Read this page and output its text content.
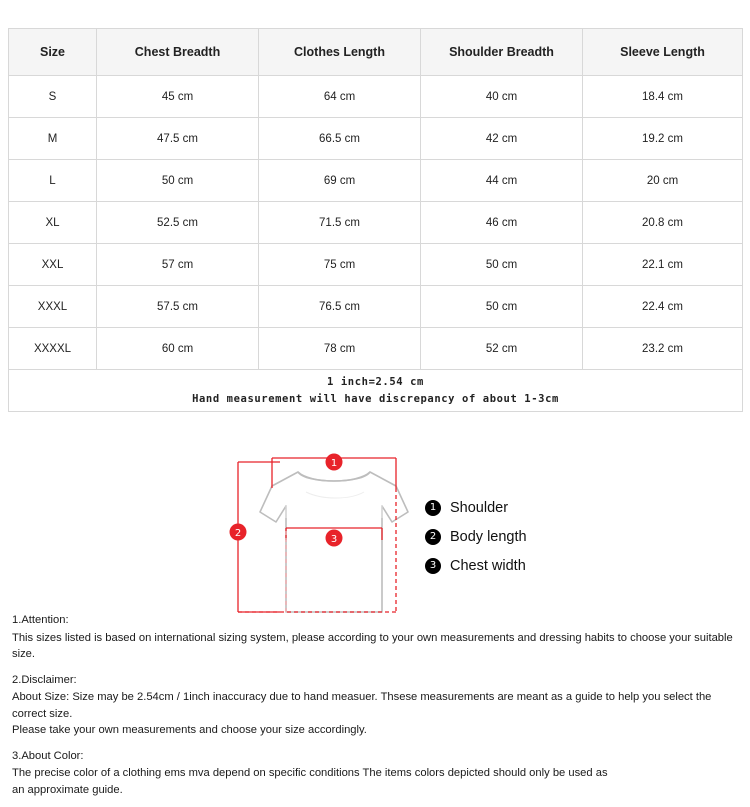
Size	Chest Breadth	Clothes Length	Shoulder Breadth	Sleeve Length
S	45 cm	64 cm	40 cm	18.4 cm
M	47.5 cm	66.5 cm	42 cm	19.2 cm
L	50 cm	69 cm	44 cm	20 cm
XL	52.5 cm	71.5 cm	46 cm	20.8 cm
XXL	57 cm	75 cm	50 cm	22.1 cm
XXXL	57.5 cm	76.5 cm	50 cm	22.4 cm
XXXXL	60 cm	78 cm	52 cm	23.2 cm

1 inch=2.54 cm
Hand measurement will have discrepancy of about 1-3cm				
1
2
3
1 Shoulder
2 Body length
3 Chest width

1.Attention:

This sizes listed is based on international sizing system, please according to your own measurements and dressing habits to choose your suitable size.

2.Disclaimer:

About Size: Size may be 2.54cm / 1inch inaccuracy due to hand measuer. Thsese measurements are meant as a guide to help you select the correct size.

Please take your own measurements and choose your size accordingly.

3.About Color:

The precise color of a clothing ems mva depend on specific conditions The items colors depicted should only be used as

an approximate guide.
